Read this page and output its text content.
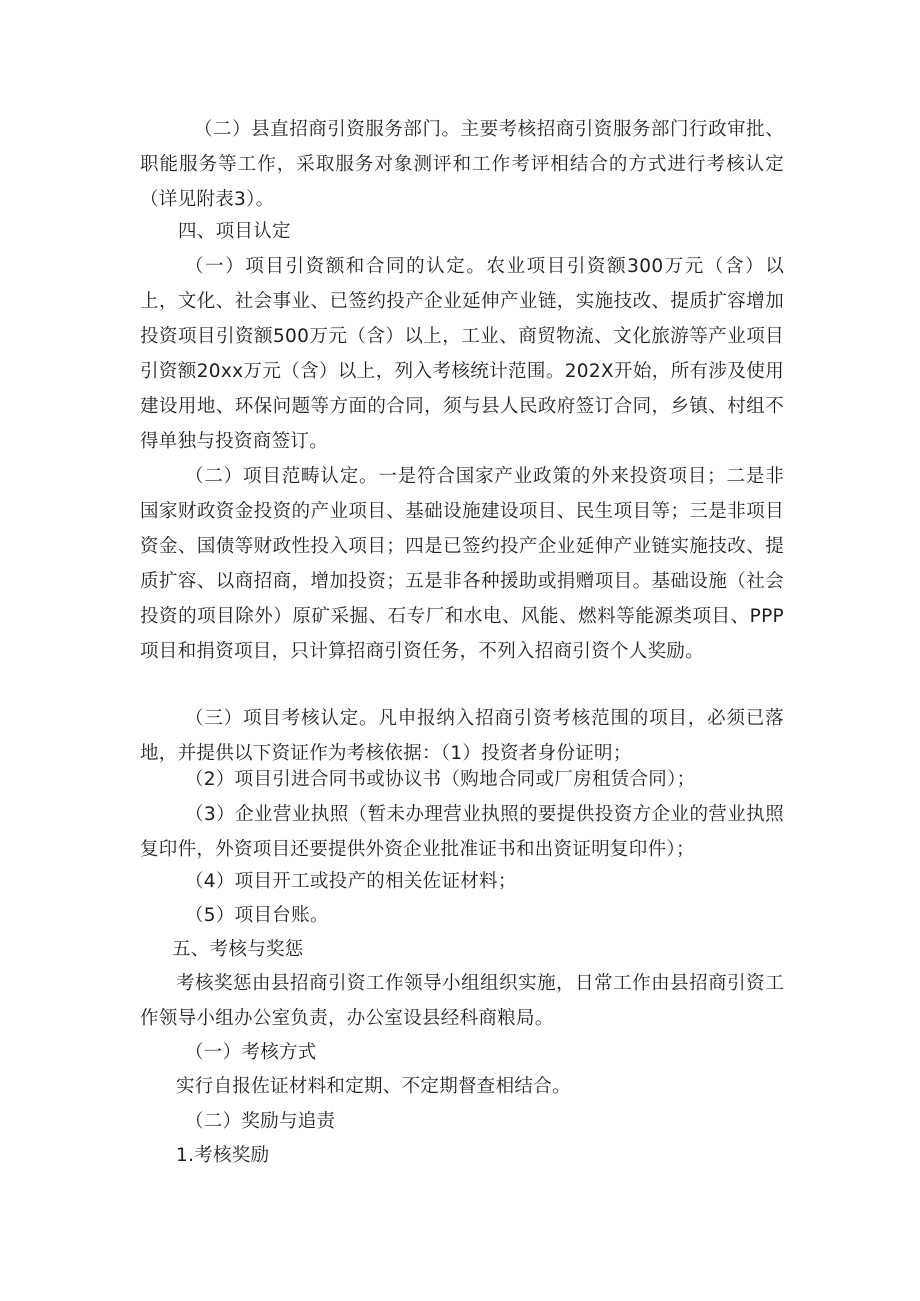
（二）县直招商引资服务部门。主要考核招商引资服务部门行政审批、职能服务等工作，采取服务对象测评和工作考评相结合的方式进行考核认定（详见附表3）。

四、项目认定

（一）项目引资额和合同的认定。农业项目引资额300万元（含）以上，文化、社会事业、已签约投产企业延伸产业链，实施技改、提质扩容增加投资项目引资额500万元（含）以上，工业、商贸物流、文化旅游等产业项目引资额20xx万元（含）以上，列入考核统计范围。202X开始，所有涉及使用建设用地、环保问题等方面的合同，须与县人民政府签订合同，乡镇、村组不得单独与投资商签订。

（二）项目范畴认定。一是符合国家产业政策的外来投资项目；二是非国家财政资金投资的产业项目、基础设施建设项目、民生项目等；三是非项目资金、国债等财政性投入项目；四是已签约投产企业延伸产业链实施技改、提质扩容、以商招商，增加投资；五是非各种援助或捐赠项目。基础设施（社会投资的项目除外）原矿采掘、石专厂和水电、风能、燃料等能源类项目、PPP项目和捐资项目，只计算招商引资任务，不列入招商引资个人奖励。

（三）项目考核认定。凡申报纳入招商引资考核范围的项目，必须已落地，并提供以下资证作为考核依据：（1）投资者身份证明；

（2）项目引进合同书或协议书（购地合同或厂房租赁合同）；

（3）企业营业执照（暂未办理营业执照的要提供投资方企业的营业执照复印件，外资项目还要提供外资企业批准证书和出资证明复印件）；

（4）项目开工或投产的相关佐证材料；

（5）项目台账。

五、考核与奖惩

考核奖惩由县招商引资工作领导小组组织实施，日常工作由县招商引资工作领导小组办公室负责，办公室设县经科商粮局。

（一）考核方式

实行自报佐证材料和定期、不定期督查相结合。

（二）奖励与追责

1.考核奖励
